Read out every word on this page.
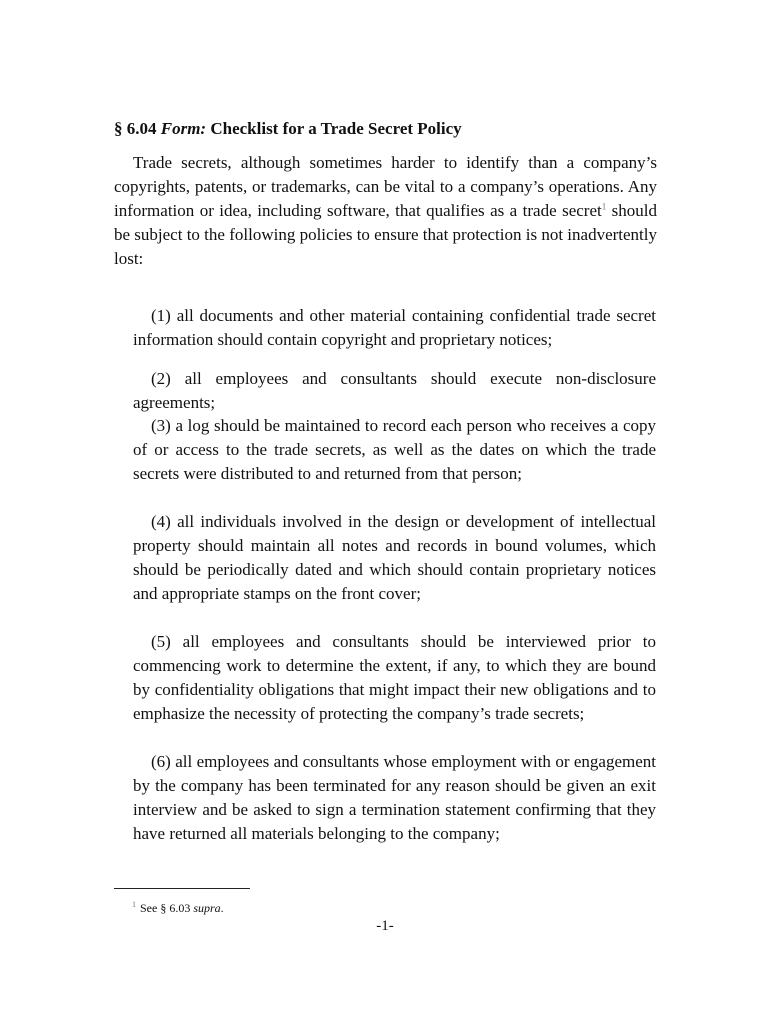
§ 6.04 Form: Checklist for a Trade Secret Policy

Trade secrets, although sometimes harder to identify than a company’s copyrights, patents, or trademarks, can be vital to a company’s operations. Any information or idea, including software, that qualifies as a trade secret$^1$ should be subject to the following policies to ensure that protection is not inadvertently lost:

(1) all documents and other material containing confidential trade secret information should contain copyright and proprietary notices;

(2) all employees and consultants should execute non-disclosure agreements;

(3) a log should be maintained to record each person who receives a copy of or access to the trade secrets, as well as the dates on which the trade secrets were distributed to and returned from that person;

(4) all individuals involved in the design or development of intellectual property should maintain all notes and records in bound volumes, which should be periodically dated and which should contain proprietary notices and appropriate stamps on the front cover;

(5) all employees and consultants should be interviewed prior to commencing work to determine the extent, if any, to which they are bound by confidentiality obligations that might impact their new obligations and to emphasize the necessity of protecting the company’s trade secrets;

(6) all employees and consultants whose employment with or engagement by the company has been terminated for any reason should be given an exit interview and be asked to sign a termination statement confirming that they have returned all materials belonging to the company;

$^1$ See § 6.03 supra.

-1-
